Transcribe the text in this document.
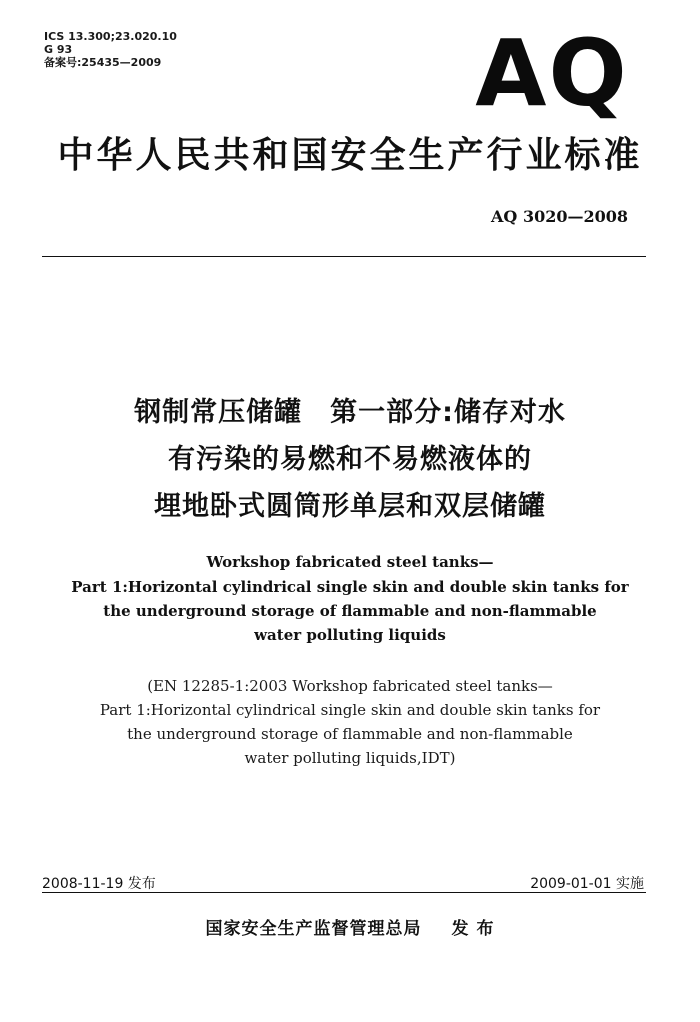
ICS 13.300;23.020.10
G 93
备案号:25435—2009	AQ
中华人民共和国安全生产行业标准
AQ 3020—2008
钢制常压储罐　第一部分:储存对水
有污染的易燃和不易燃液体的
埋地卧式圆筒形单层和双层储罐
Workshop fabricated steel tanks—
Part 1:Horizontal cylindrical single skin and double skin tanks for
the underground storage of flammable and non-flammable
water polluting liquids
(EN 12285-1:2003 Workshop fabricated steel tanks—
Part 1:Horizontal cylindrical single skin and double skin tanks for
the underground storage of flammable and non-flammable
water polluting liquids,IDT)
2008-11-19 发布	2009-01-01 实施
国家安全生产监督管理总局 发 布
